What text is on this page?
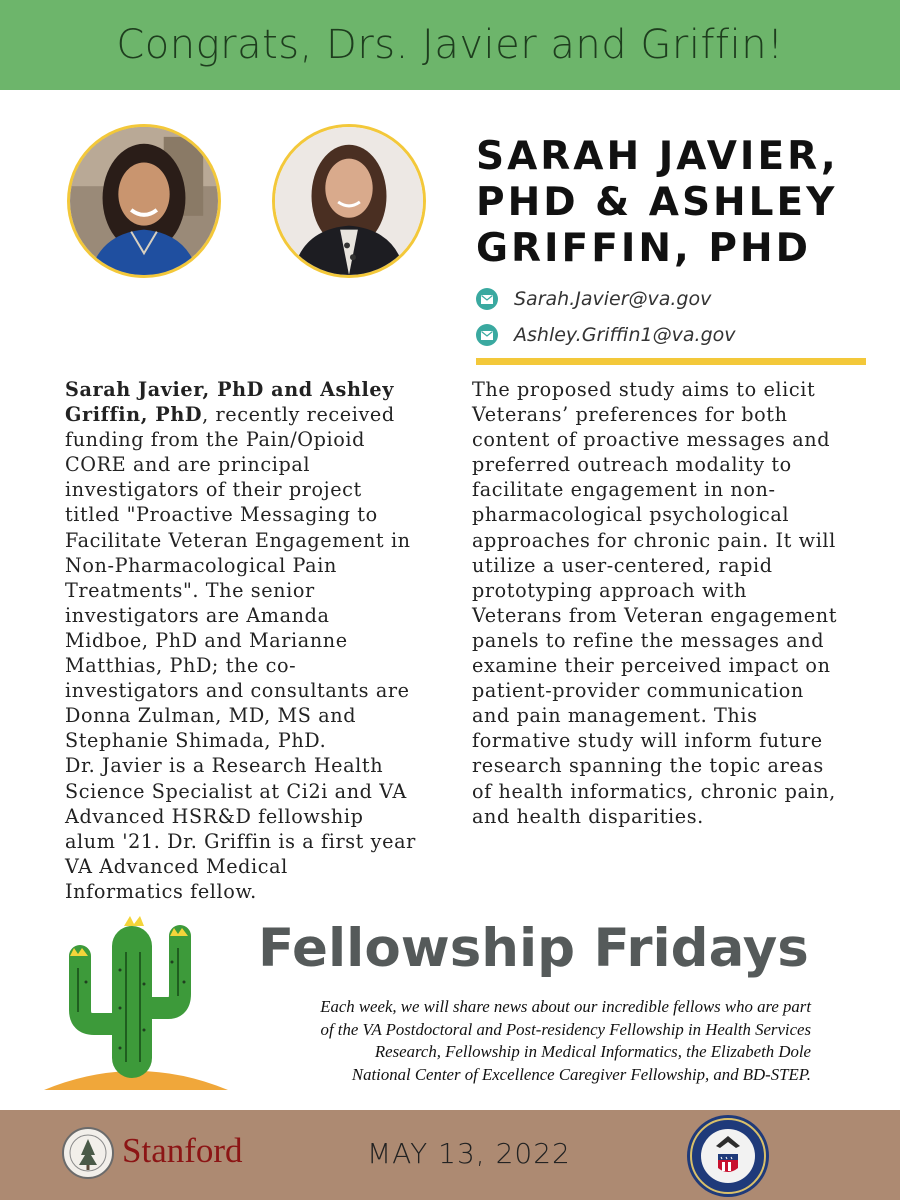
Congrats, Drs. Javier and Griffin!
SARAH JAVIER,
PHD & ASHLEY
GRIFFIN, PHD
Sarah.Javier@va.gov
Ashley.Griffin1@va.gov
Sarah Javier, PhD and Ashley
Griffin, PhD, recently received
funding from the Pain/Opioid
CORE and are principal
investigators of their project
titled "Proactive Messaging to
Facilitate Veteran Engagement in
Non-Pharmacological Pain
Treatments". The senior
investigators are Amanda
Midboe, PhD and Marianne
Matthias, PhD; the co-
investigators and consultants are
Donna Zulman, MD, MS and
Stephanie Shimada, PhD.
Dr. Javier is a Research Health
Science Specialist at Ci2i and VA
Advanced HSR&D fellowship
alum '21. Dr. Griffin is a first year
VA Advanced Medical
Informatics fellow.
The proposed study aims to elicit
Veterans’ preferences for both
content of proactive messages and
preferred outreach modality to
facilitate engagement in non-
pharmacological psychological
approaches for chronic pain. It will
utilize a user-centered, rapid
prototyping approach with
Veterans from Veteran engagement
panels to refine the messages and
examine their perceived impact on
patient-provider communication
and pain management. This
formative study will inform future
research spanning the topic areas
of health informatics, chronic pain,
and health disparities.
Fellowship Fridays
Each week, we will share news about our incredible fellows who are part
of the VA Postdoctoral and Post-residency Fellowship in Health Services
Research, Fellowship in Medical Informatics, the Elizabeth Dole
National Center of Excellence Caregiver Fellowship, and BD-STEP.
Stanford	MAY 13, 2022
